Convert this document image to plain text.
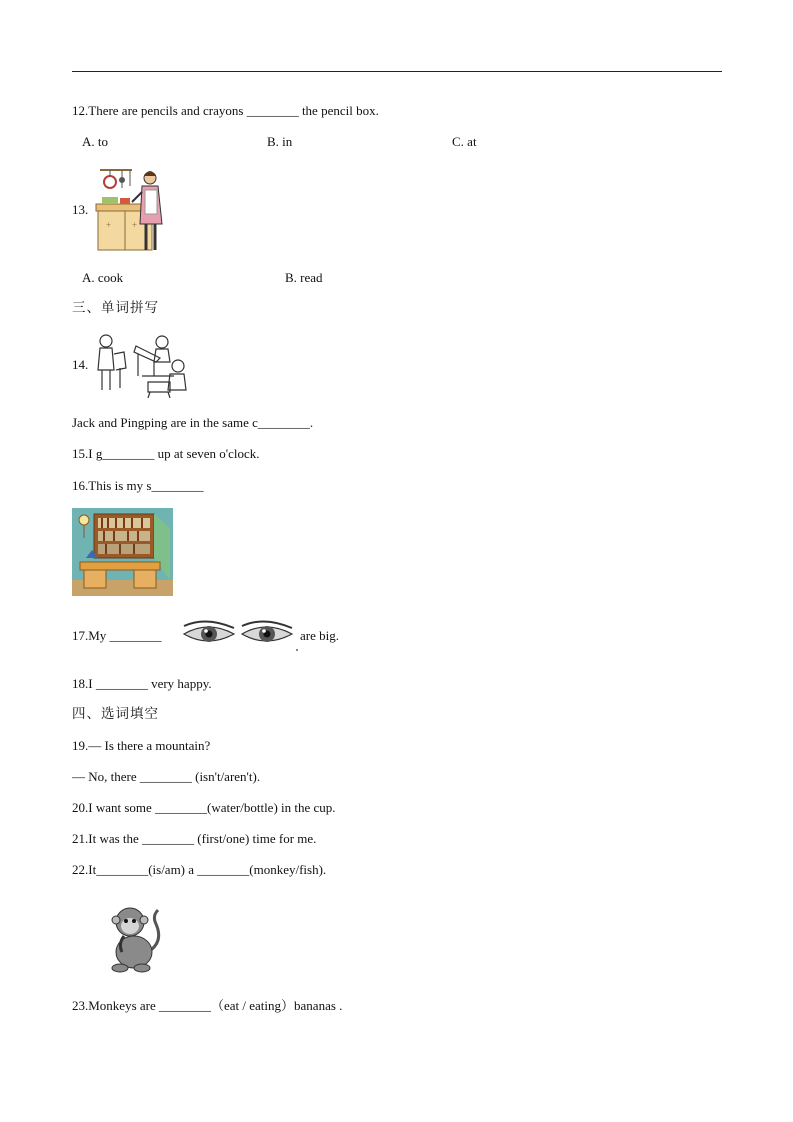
12.There are pencils and crayons ________ the pencil box.
A. to	B. in	C. at
13.
+ +
A. cook	B. read
三、单词拼写
14.
Jack and Pingping are in the same c________.
15.I g________ up at seven o'clock.
16.This is my s________
17.My ________	are big.
18.I ________ very happy.
四、选词填空
19.— Is there a mountain?
— No, there ________ (isn't/aren't).
20.I want some ________(water/bottle) in the cup.
21.It was the ________ (first/one) time for me.
22.It________(is/am) a ________(monkey/fish).
23.Monkeys are ________（eat / eating）bananas .
